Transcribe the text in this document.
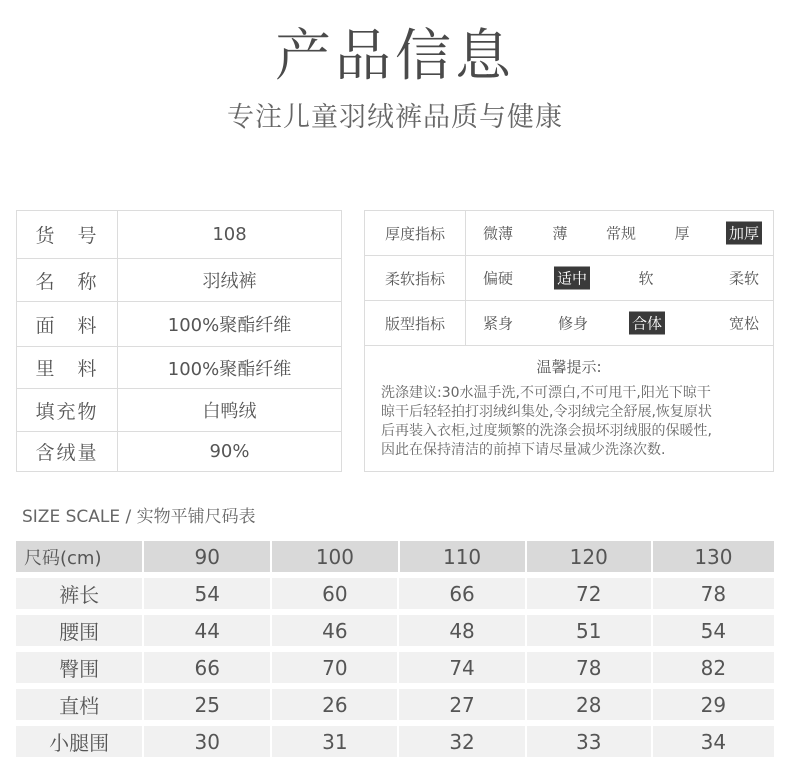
产品信息
专注儿童羽绒裤品质与健康
货　号	108
名　称	羽绒裤
面　料	100%聚酯纤维
里　料	100%聚酯纤维
填充物	白鸭绒
含绒量	90%
厚度指标	微薄	薄	常规	厚	加厚
柔软指标	偏硬	适中	软	柔软
版型指标	紧身	修身	合体	宽松
温馨提示:
洗涤建议:30水温手洗,不可漂白,不可甩干,阳光下晾干
晾干后轻轻拍打羽绒纠集处,令羽绒完全舒展,恢复原状
后再装入衣柜,过度频繁的洗涤会损坏羽绒服的保暖性,
因此在保持清洁的前掉下请尽量减少洗涤次数.
SIZE SCALE / 实物平铺尺码表
尺码(cm)	90	100	110	120	130
裤长	54	60	66	72	78
腰围	44	46	48	51	54
臀围	66	70	74	78	82
直档	25	26	27	28	29
小腿围	30	31	32	33	34
